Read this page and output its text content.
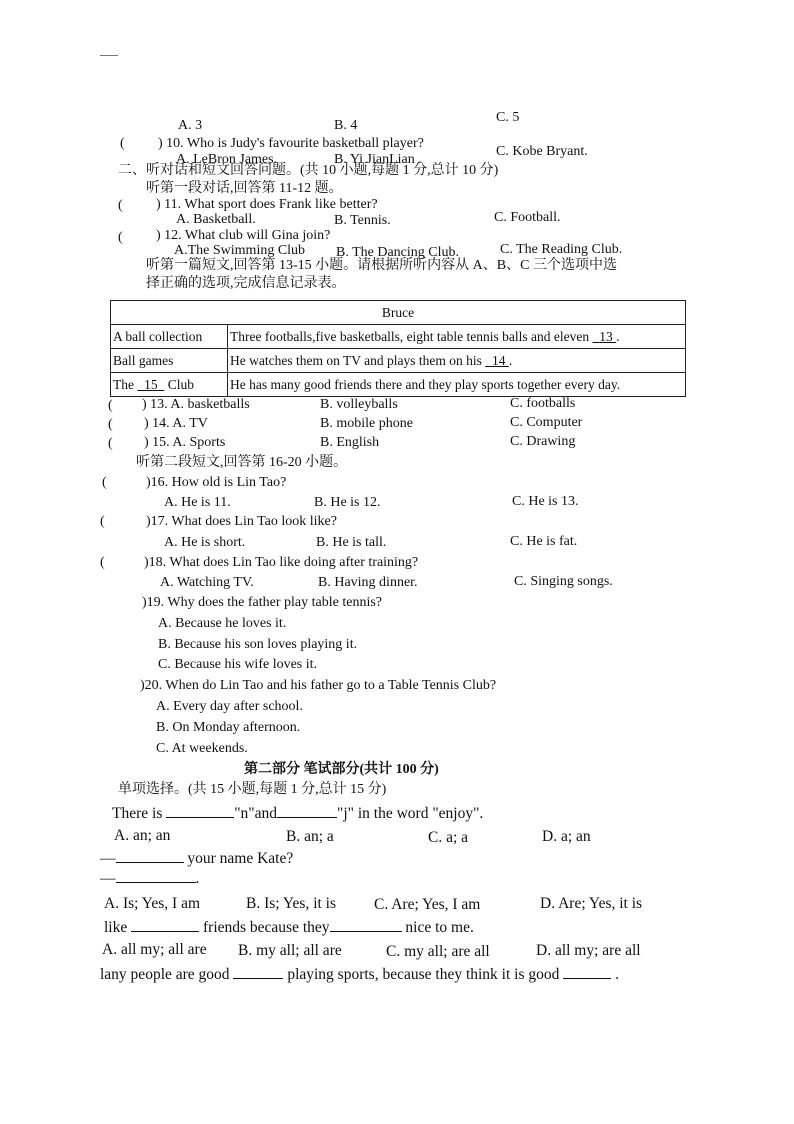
A. 3	B. 4
C. 5
( ) 10. Who is Judy's favourite basketball player?
A. LeBron James.	B. Yi JianLian .
C. Kobe Bryant.
二、听对话和短文回答问题。(共 10 小题,每题 1 分,总计 10 分)
听第一段对话,回答第 11-12 题。
( ) 11. What sport does Frank like better?
A. Basketball.	B. Tennis.	C. Football.
( ) 12. What club will Gina join?
A.The Swimming Club B. The Dancing Club.	C. The Reading Club.
听第一篇短文,回答第 13-15 小题。请根据所听内容从 A、B、C 三个选项中选
择正确的选项,完成信息记录表。
Bruce	
A ball collection	Three footballs,five basketballs, eight table tennis balls and eleven 13 .
Ball games	He watches them on TV and plays them on his 14 .
The 15 Club	He has many good friends there and they play sports together every day.
( ) 13. A. basketballs	B. volleyballs	C. footballs
( ) 14. A. TV	B. mobile phone	C. Computer
( ) 15. A. Sports	B. English	C. Drawing
听第二段短文,回答第 16-20 小题。
(	)16. How old is Lin Tao?
A. He is 11.	B. He is 12.	C. He is 13.
(	)17. What does Lin Tao look like?
A. He is short.	B. He is tall.	C. He is fat.
(	)18. What does Lin Tao like doing after training?
A. Watching TV.	B. Having dinner.	C. Singing songs.
)19. Why does the father play table tennis?
A. Because he loves it.
B. Because his son loves playing it.
C. Because his wife loves it.
)20. When do Lin Tao and his father go to a Table Tennis Club?
A. Every day after school.
B. On Monday afternoon.
C. At weekends.
第二部分 笔试部分(共计 100 分)
单项选择。(共 15 小题,每题 1 分,总计 15 分)
There is	"n"and	"j" in the word "enjoy".
A. an; an	B. an; a	C. a; a	D. a; an
—	your name Kate?
—	.
A. Is; Yes, I am	B. Is; Yes, it is C. Are; Yes, I am	D. Are; Yes, it is
like	friends because they	nice to me.
A. all my; all are B. my all; all are	C. my all; are all	D. all my; are all
lany people are good	playing sports, because they think it is good	.
